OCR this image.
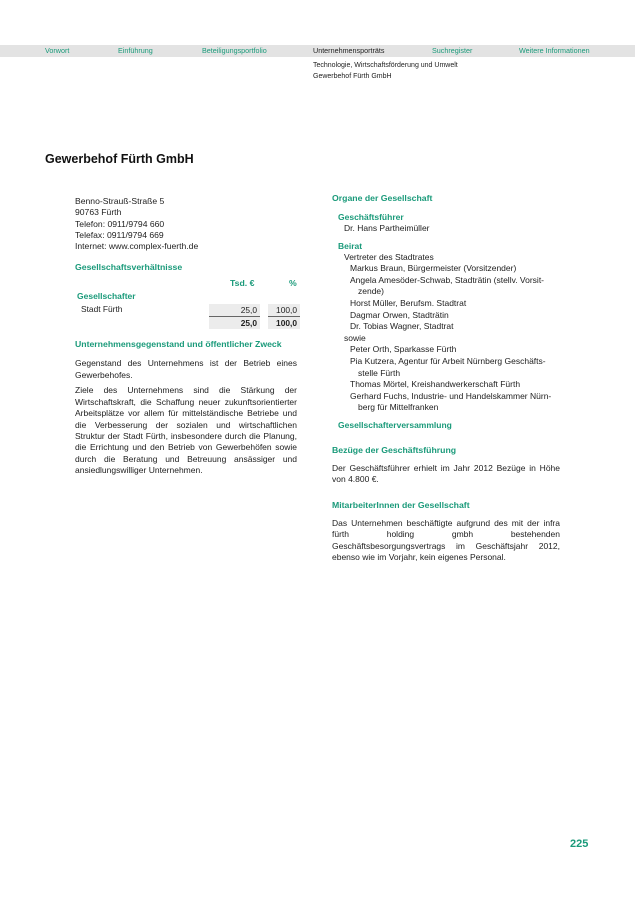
Vorwort	Einführung	Beteiligungsportfolio	Unternehmensporträts	Suchregister	Weitere Informationen
Technologie, Wirtschaftsförderung und Umwelt
Gewerbehof Fürth GmbH
Gewerbehof Fürth GmbH
Benno-Strauß-Straße 5
90763 Fürth
Telefon: 0911/9794 660
Telefax: 0911/9794 669
Internet: www.complex-fuerth.de
Gesellschaftsverhältnisse
Tsd. €	%
Gesellschafter
Stadt Fürth	25,0	100,0
25,0	100,0
Unternehmensgegenstand und öffentlicher Zweck

Gegenstand des Unternehmens ist der Betrieb eines Gewerbehofes.

Ziele des Unternehmens sind die Stärkung der Wirtschaftskraft, die Schaffung neuer zukunftsorientierter Arbeitsplätze vor allem für mittelständische Betriebe und die Verbesserung der sozialen und wirtschaftlichen Struktur der Stadt Fürth, insbesondere durch die Planung, die Errichtung und den Betrieb von Gewerbehöfen sowie durch die Beratung und Betreuung ansässiger und ansiedlungswilliger Unternehmen.

Organe der Gesellschaft
Geschäftsführer
Dr. Hans Partheimüller
Beirat
Vertreter des Stadtrates
Markus Braun, Bürgermeister (Vorsitzender)
Angela Amesöder-Schwab, Stadträtin (stellv. Vorsit-
zende)
Horst Müller, Berufsm. Stadtrat
Dagmar Orwen, Stadträtin
Dr. Tobias Wagner, Stadtrat
sowie
Peter Orth, Sparkasse Fürth
Pia Kutzera, Agentur für Arbeit Nürnberg Geschäfts-
stelle Fürth
Thomas Mörtel, Kreishandwerkerschaft Fürth
Gerhard Fuchs, Industrie- und Handelskammer Nürn-
berg für Mittelfranken
Gesellschafterversammlung
Bezüge der Geschäftsführung

Der Geschäftsführer erhielt im Jahr 2012 Bezüge in Höhe von 4.800 €.

MitarbeiterInnen der Gesellschaft

Das Unternehmen beschäftigte aufgrund des mit der infra fürth holding gmbh bestehenden Geschäftsbesorgungsvertrags im Geschäftsjahr 2012, ebenso wie im Vorjahr, kein eigenes Personal.

225
